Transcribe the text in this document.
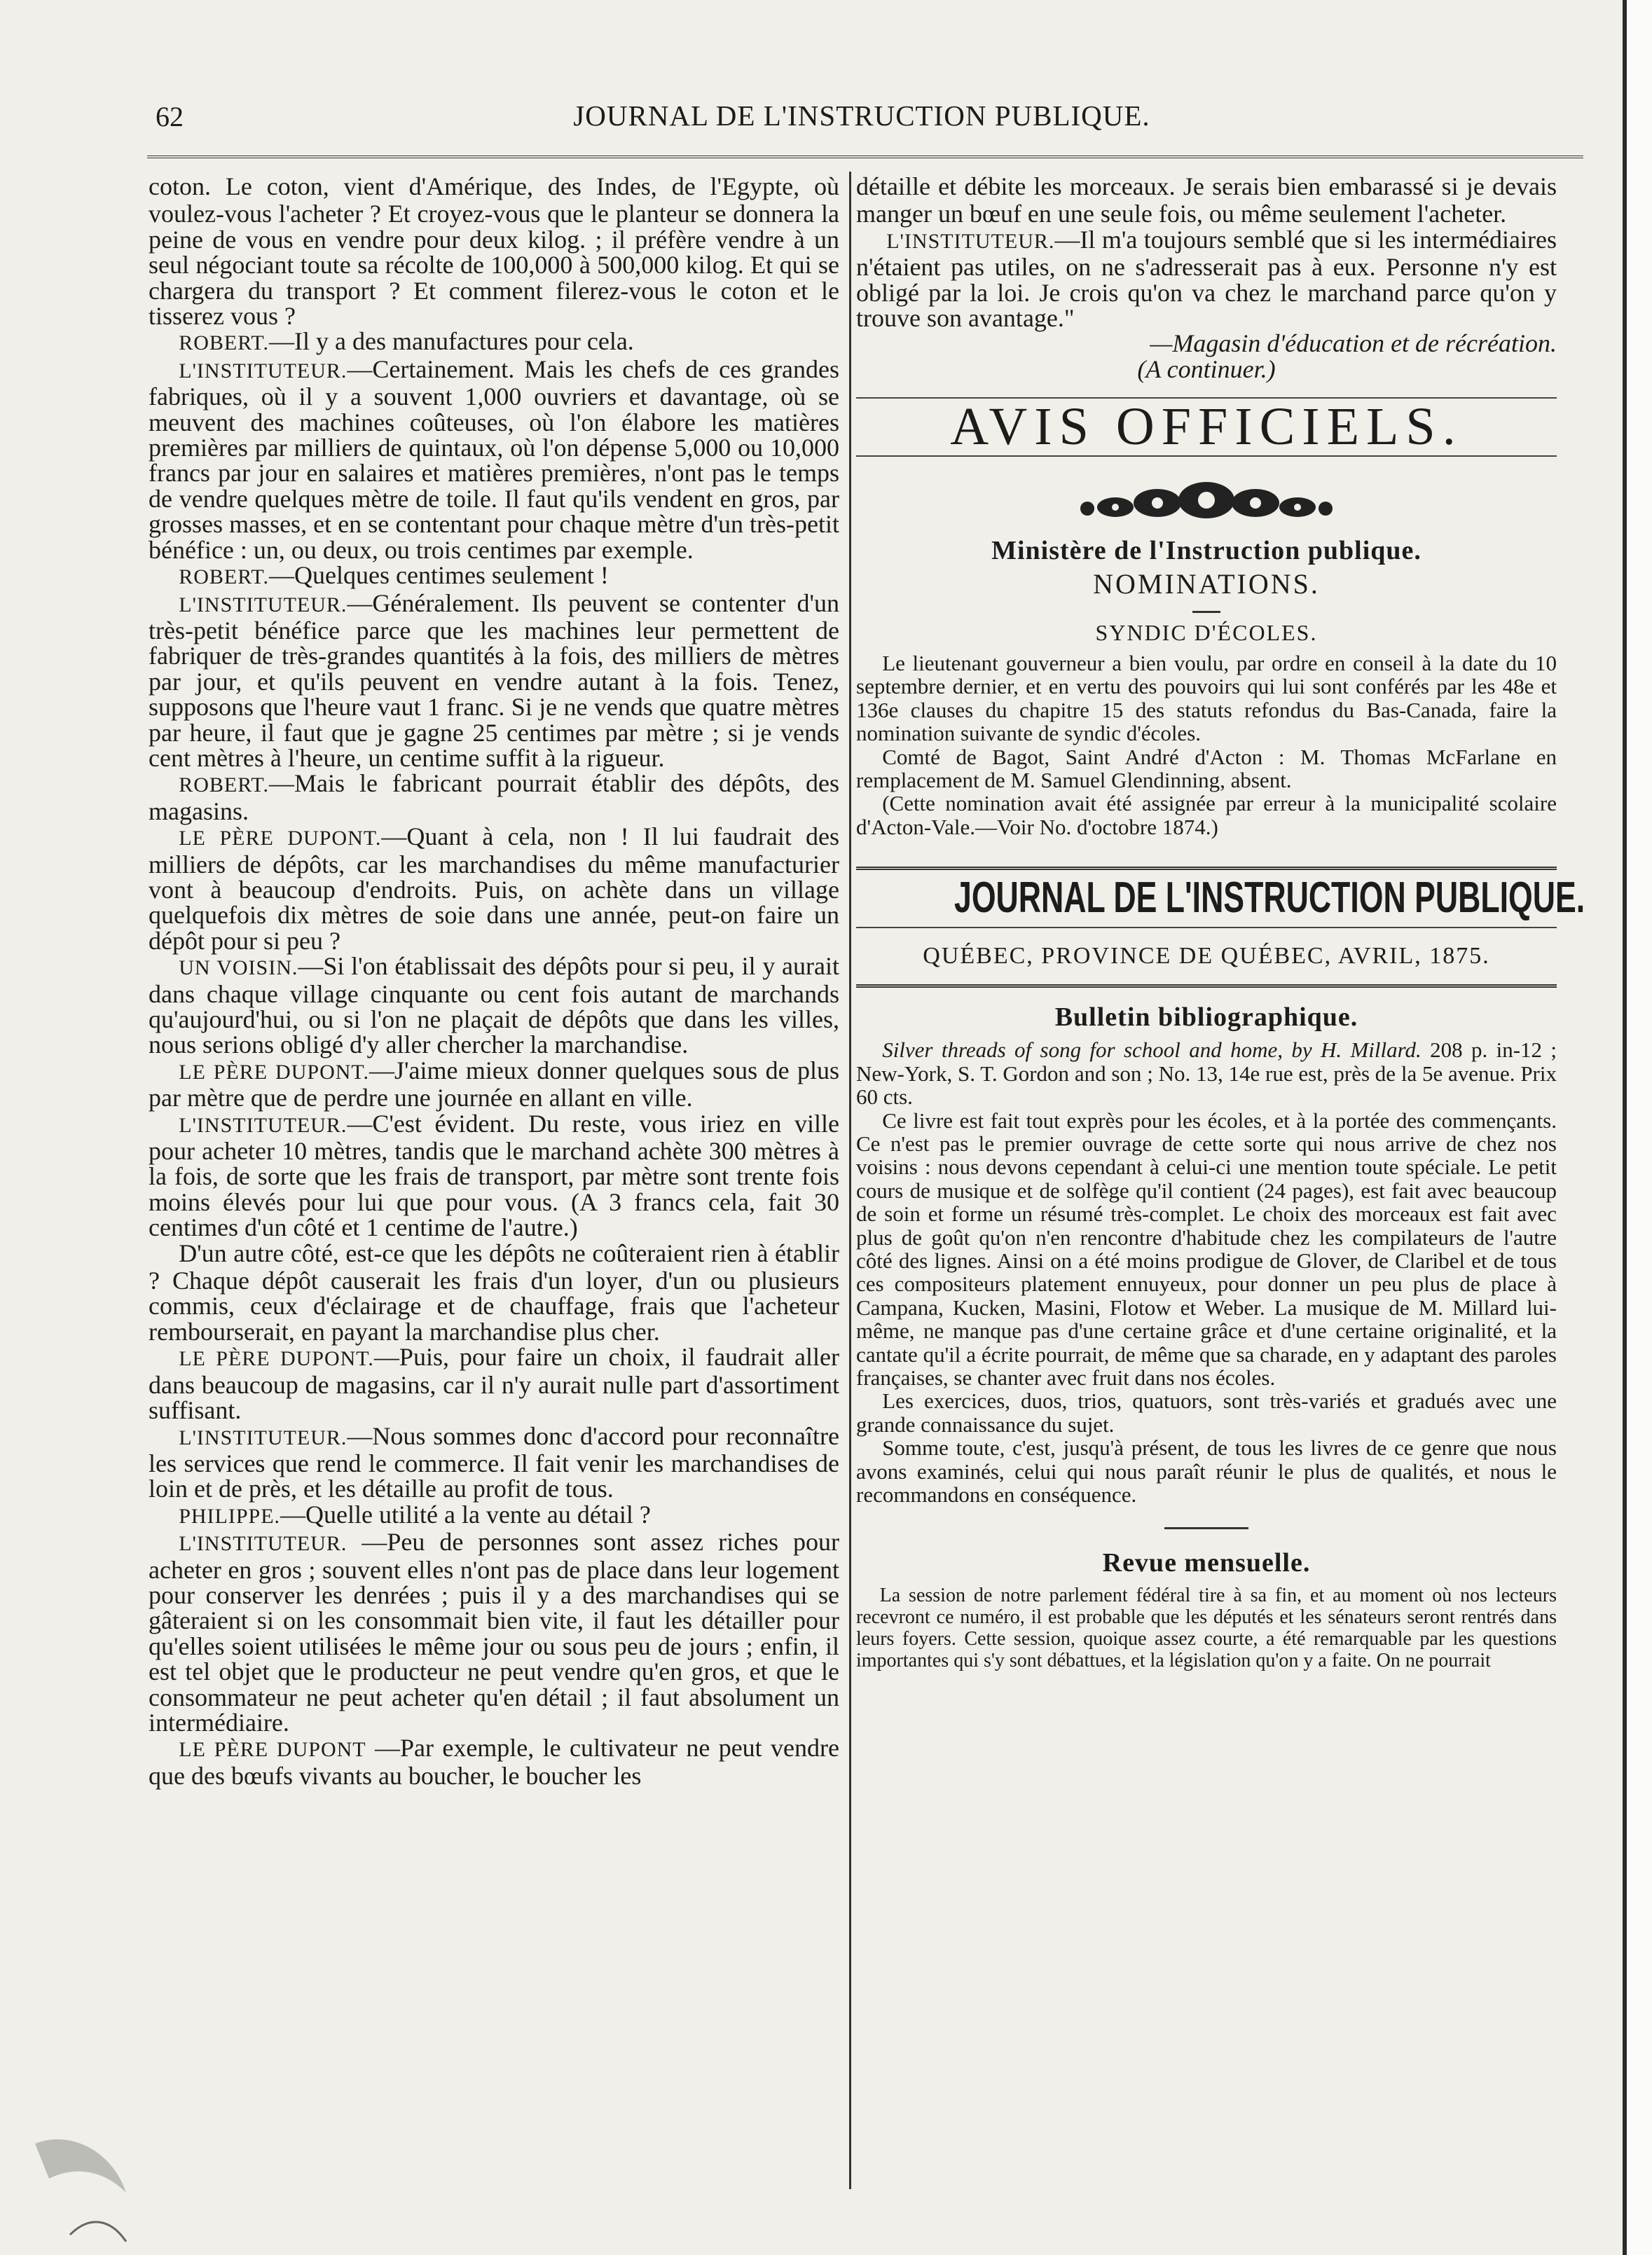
62	JOURNAL DE L'INSTRUCTION PUBLIQUE.

coton. Le coton, vient d'Amérique, des Indes, de l'Egypte, où voulez-vous l'acheter ? Et croyez-vous que le planteur se donnera la peine de vous en vendre pour deux kilog. ; il préfère vendre à un seul négociant toute sa récolte de 100,000 à 500,000 kilog. Et qui se chargera du transport ? Et comment filerez-vous le coton et le tisserez vous ?

ROBERT.—Il y a des manufactures pour cela.

L'INSTITUTEUR.—Certainement. Mais les chefs de ces grandes fabriques, où il y a souvent 1,000 ouvriers et davantage, où se meuvent des machines coûteuses, où l'on élabore les matières premières par milliers de quintaux, où l'on dépense 5,000 ou 10,000 francs par jour en salaires et matières premières, n'ont pas le temps de vendre quelques mètre de toile. Il faut qu'ils vendent en gros, par grosses masses, et en se contentant pour chaque mètre d'un très-petit bénéfice : un, ou deux, ou trois centimes par exemple.

ROBERT.—Quelques centimes seulement !

L'INSTITUTEUR.—Généralement. Ils peuvent se contenter d'un très-petit bénéfice parce que les machines leur permettent de fabriquer de très-grandes quantités à la fois, des milliers de mètres par jour, et qu'ils peuvent en vendre autant à la fois. Tenez, supposons que l'heure vaut 1 franc. Si je ne vends que quatre mètres par heure, il faut que je gagne 25 centimes par mètre ; si je vends cent mètres à l'heure, un centime suffit à la rigueur.

ROBERT.—Mais le fabricant pourrait établir des dépôts, des magasins.

LE PÈRE DUPONT.—Quant à cela, non ! Il lui faudrait des milliers de dépôts, car les marchandises du même manufacturier vont à beaucoup d'endroits. Puis, on achète dans un village quelquefois dix mètres de soie dans une année, peut-on faire un dépôt pour si peu ?

UN VOISIN.—Si l'on établissait des dépôts pour si peu, il y aurait dans chaque village cinquante ou cent fois autant de marchands qu'aujourd'hui, ou si l'on ne plaçait de dépôts que dans les villes, nous serions obligé d'y aller chercher la marchandise.

LE PÈRE DUPONT.—J'aime mieux donner quelques sous de plus par mètre que de perdre une journée en allant en ville.

L'INSTITUTEUR.—C'est évident. Du reste, vous iriez en ville pour acheter 10 mètres, tandis que le marchand achète 300 mètres à la fois, de sorte que les frais de transport, par mètre sont trente fois moins élevés pour lui que pour vous. (A 3 francs cela, fait 30 centimes d'un côté et 1 centime de l'autre.)

D'un autre côté, est-ce que les dépôts ne coûteraient rien à établir ? Chaque dépôt causerait les frais d'un loyer, d'un ou plusieurs commis, ceux d'éclairage et de chauffage, frais que l'acheteur rembourserait, en payant la marchandise plus cher.

LE PÈRE DUPONT.—Puis, pour faire un choix, il faudrait aller dans beaucoup de magasins, car il n'y aurait nulle part d'assortiment suffisant.

L'INSTITUTEUR.—Nous sommes donc d'accord pour reconnaître les services que rend le commerce. Il fait venir les marchandises de loin et de près, et les détaille au profit de tous.

PHILIPPE.—Quelle utilité a la vente au détail ?

L'INSTITUTEUR. —Peu de personnes sont assez riches pour acheter en gros ; souvent elles n'ont pas de place dans leur logement pour conserver les denrées ; puis il y a des marchandises qui se gâteraient si on les consommait bien vite, il faut les détailler pour qu'elles soient utilisées le même jour ou sous peu de jours ; enfin, il est tel objet que le producteur ne peut vendre qu'en gros, et que le consommateur ne peut acheter qu'en détail ; il faut absolument un intermédiaire.

LE PÈRE DUPONT —Par exemple, le cultivateur ne peut vendre que des bœufs vivants au boucher, le boucher les

détaille et débite les morceaux. Je serais bien embarassé si je devais manger un bœuf en une seule fois, ou même seulement l'acheter.

L'INSTITUTEUR.—Il m'a toujours semblé que si les intermédiaires n'étaient pas utiles, on ne s'adresserait pas à eux. Personne n'y est obligé par la loi. Je crois qu'on va chez le marchand parce qu'on y trouve son avantage."

—Magasin d'éducation et de récréation.

(A continuer.)

AVIS OFFICIELS.
Ministère de l'Instruction publique.
NOMINATIONS.
SYNDIC D'ÉCOLES.

Le lieutenant gouverneur a bien voulu, par ordre en conseil à la date du 10 septembre dernier, et en vertu des pouvoirs qui lui sont conférés par les 48e et 136e clauses du chapitre 15 des statuts refondus du Bas-Canada, faire la nomination suivante de syndic d'écoles.

Comté de Bagot, Saint André d'Acton : M. Thomas McFarlane en remplacement de M. Samuel Glendinning, absent.

(Cette nomination avait été assignée par erreur à la municipalité scolaire d'Acton-Vale.—Voir No. d'octobre 1874.)

JOURNAL DE L'INSTRUCTION PUBLIQUE.
QUÉBEC, PROVINCE DE QUÉBEC, AVRIL, 1875.
Bulletin bibliographique.

Silver threads of song for school and home, by H. Millard. 208 p. in-12 ; New-York, S. T. Gordon and son ; No. 13, 14e rue est, près de la 5e avenue. Prix 60 cts.

Ce livre est fait tout exprès pour les écoles, et à la portée des commençants. Ce n'est pas le premier ouvrage de cette sorte qui nous arrive de chez nos voisins : nous devons cependant à celui-ci une mention toute spéciale. Le petit cours de musique et de solfège qu'il contient (24 pages), est fait avec beaucoup de soin et forme un résumé très-complet. Le choix des morceaux est fait avec plus de goût qu'on n'en rencontre d'habitude chez les compilateurs de l'autre côté des lignes. Ainsi on a été moins prodigue de Glover, de Claribel et de tous ces compositeurs platement ennuyeux, pour donner un peu plus de place à Campana, Kucken, Masini, Flotow et Weber. La musique de M. Millard lui-même, ne manque pas d'une certaine grâce et d'une certaine originalité, et la cantate qu'il a écrite pourrait, de même que sa charade, en y adaptant des paroles françaises, se chanter avec fruit dans nos écoles.

Les exercices, duos, trios, quatuors, sont très-variés et gradués avec une grande connaissance du sujet.

Somme toute, c'est, jusqu'à présent, de tous les livres de ce genre que nous avons examinés, celui qui nous paraît réunir le plus de qualités, et nous le recommandons en conséquence.

Revue mensuelle.

La session de notre parlement fédéral tire à sa fin, et au moment où nos lecteurs recevront ce numéro, il est probable que les députés et les sénateurs seront rentrés dans leurs foyers. Cette session, quoique assez courte, a été remarquable par les questions importantes qui s'y sont débattues, et la législation qu'on y a faite. On ne pourrait
